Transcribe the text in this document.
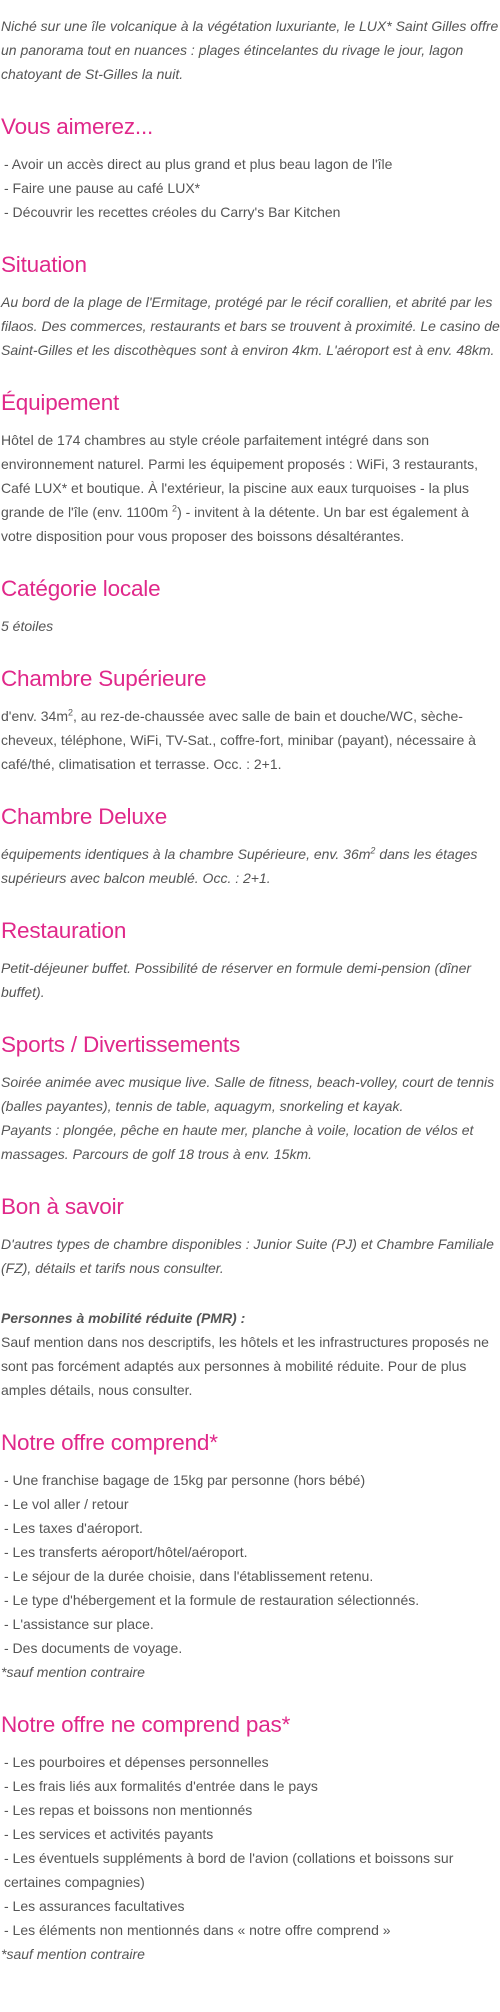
Niché sur une île volcanique à la végétation luxuriante, le LUX* Saint Gilles offre un panorama tout en nuances : plages étincelantes du rivage le jour, lagon chatoyant de St-Gilles la nuit.

Vous aimerez...
- Avoir un accès direct au plus grand et plus beau lagon de l'île
- Faire une pause au café LUX*
- Découvrir les recettes créoles du Carry's Bar Kitchen
Situation

Au bord de la plage de l'Ermitage, protégé par le récif corallien, et abrité par les filaos. Des commerces, restaurants et bars se trouvent à proximité. Le casino de Saint-Gilles et les discothèques sont à environ 4km. L'aéroport est à env. 48km.

Équipement

Hôtel de 174 chambres au style créole parfaitement intégré dans son environnement naturel. Parmi les équipement proposés : WiFi, 3 restaurants, Café LUX* et boutique. À l'extérieur, la piscine aux eaux turquoises - la plus grande de l'île (env. 1100m $^2$) - invitent à la détente. Un bar est également à votre disposition pour vous proposer des boissons désaltérantes.

Catégorie locale

5 étoiles

Chambre Supérieure

d'env. $34m^2$, au rez-de-chaussée avec salle de bain et douche/WC, sèche-cheveux, téléphone, WiFi, TV-Sat., coffre-fort, minibar (payant), nécessaire à café/thé, climatisation et terrasse. Occ. : 2+1.

Chambre Deluxe

équipements identiques à la chambre Supérieure, env. $36m^2$ dans les étages supérieurs avec balcon meublé. Occ. : 2+1.

Restauration

Petit-déjeuner buffet. Possibilité de réserver en formule demi-pension (dîner buffet).

Sports / Divertissements

Soirée animée avec musique live. Salle de fitness, beach-volley, court de tennis (balles payantes), tennis de table, aquagym, snorkeling et kayak.

Payants : plongée, pêche en haute mer, planche à voile, location de vélos et massages. Parcours de golf 18 trous à env. 15km.

Bon à savoir

D'autres types de chambre disponibles : Junior Suite (PJ) et Chambre Familiale (FZ), détails et tarifs nous consulter.

Personnes à mobilité réduite (PMR) :

Sauf mention dans nos descriptifs, les hôtels et les infrastructures proposés ne sont pas forcément adaptés aux personnes à mobilité réduite. Pour de plus amples détails, nous consulter.

Notre offre comprend*
- Une franchise bagage de 15kg par personne (hors bébé)
- Le vol aller / retour
- Les taxes d'aéroport.
- Les transferts aéroport/hôtel/aéroport.
- Le séjour de la durée choisie, dans l'établissement retenu.
- Le type d'hébergement et la formule de restauration sélectionnés.
- L'assistance sur place.
- Des documents de voyage.

*sauf mention contraire

Notre offre ne comprend pas*
- Les pourboires et dépenses personnelles
- Les frais liés aux formalités d'entrée dans le pays
- Les repas et boissons non mentionnés
- Les services et activités payants
- Les éventuels suppléments à bord de l'avion (collations et boissons sur certaines compagnies)
- Les assurances facultatives
- Les éléments non mentionnés dans « notre offre comprend »

*sauf mention contraire
